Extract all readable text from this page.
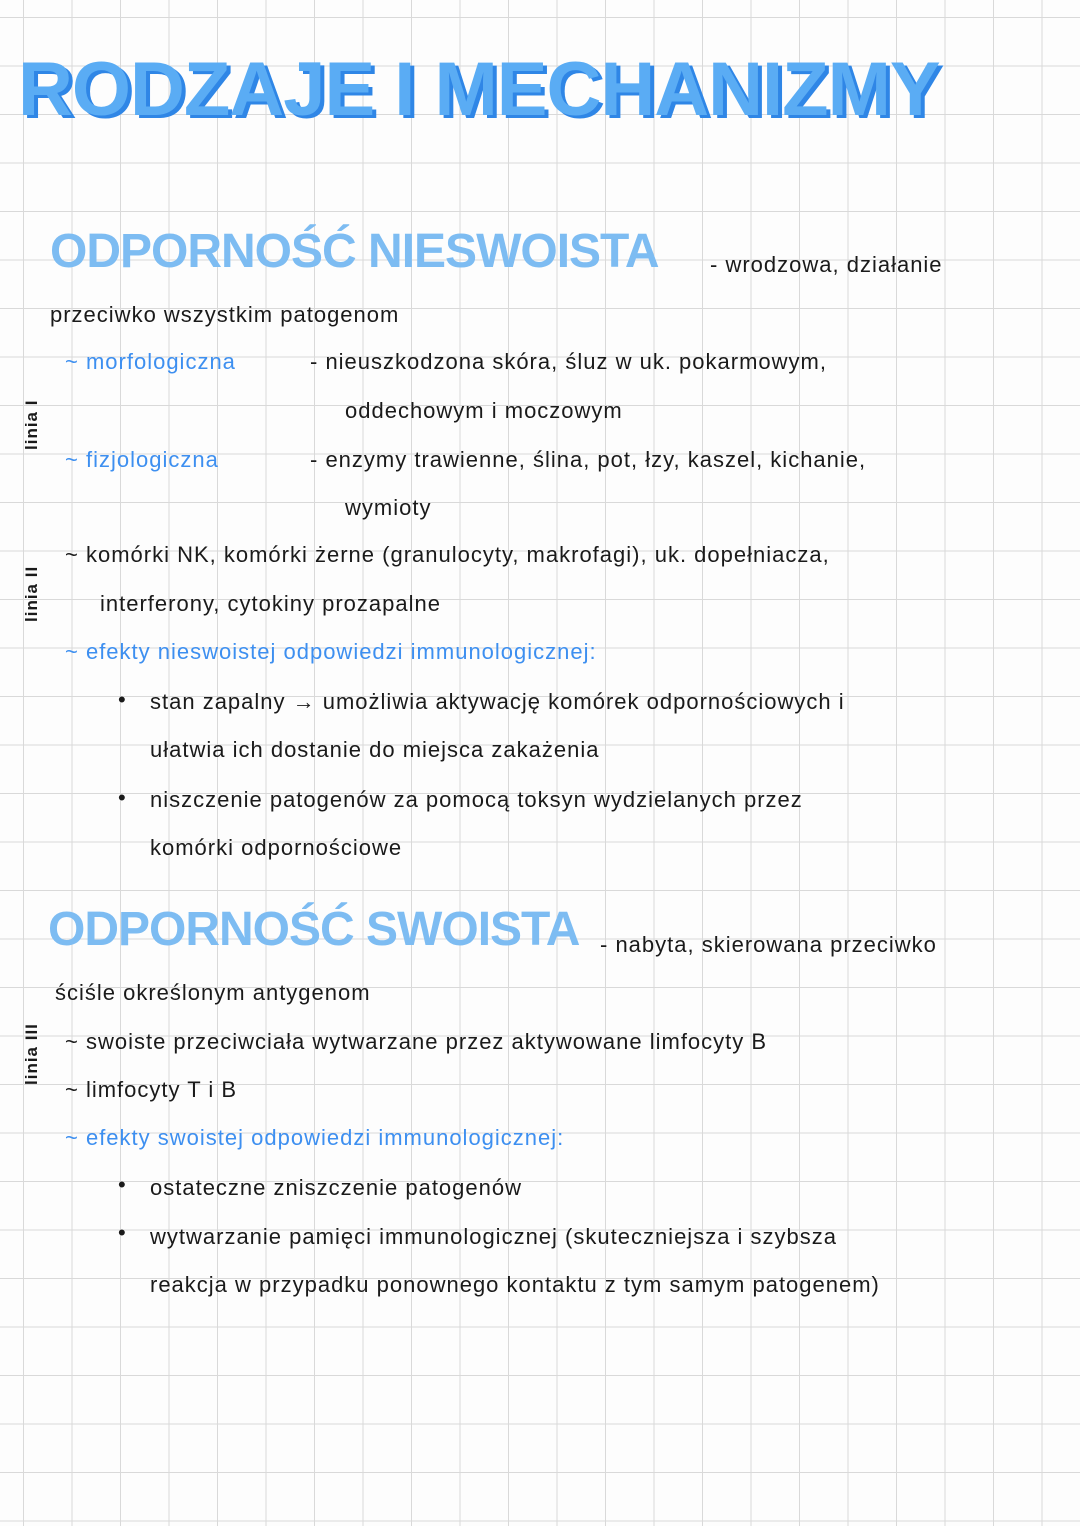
RODZAJE I MECHANIZMY
ODPORNOŚĆ NIESWOISTA - wrodzowa, działanie
przeciwko wszystkim patogenom
linia I
linia II
linia III
~ morfologiczna	- nieuszkodzona skóra, śluz w uk. pokarmowym,
oddechowym i moczowym
~ fizjologiczna	- enzymy trawienne, ślina, pot, łzy, kaszel, kichanie,
wymioty
~ komórki NK, komórki żerne (granulocyty, makrofagi), uk. dopełniacza,
interferony, cytokiny prozapalne
~ efekty nieswoistej odpowiedzi immunologicznej:
• stan zapalny → umożliwia aktywację komórek odpornościowych i
ułatwia ich dostanie do miejsca zakażenia
• niszczenie patogenów za pomocą toksyn wydzielanych przez
komórki odpornościowe
ODPORNOŚĆ SWOISTA - nabyta, skierowana przeciwko
ściśle określonym antygenom
~ swoiste przeciwciała wytwarzane przez aktywowane limfocyty B
~ limfocyty T i B
~ efekty swoistej odpowiedzi immunologicznej:
• ostateczne zniszczenie patogenów
• wytwarzanie pamięci immunologicznej (skuteczniejsza i szybsza
reakcja w przypadku ponownego kontaktu z tym samym patogenem)
